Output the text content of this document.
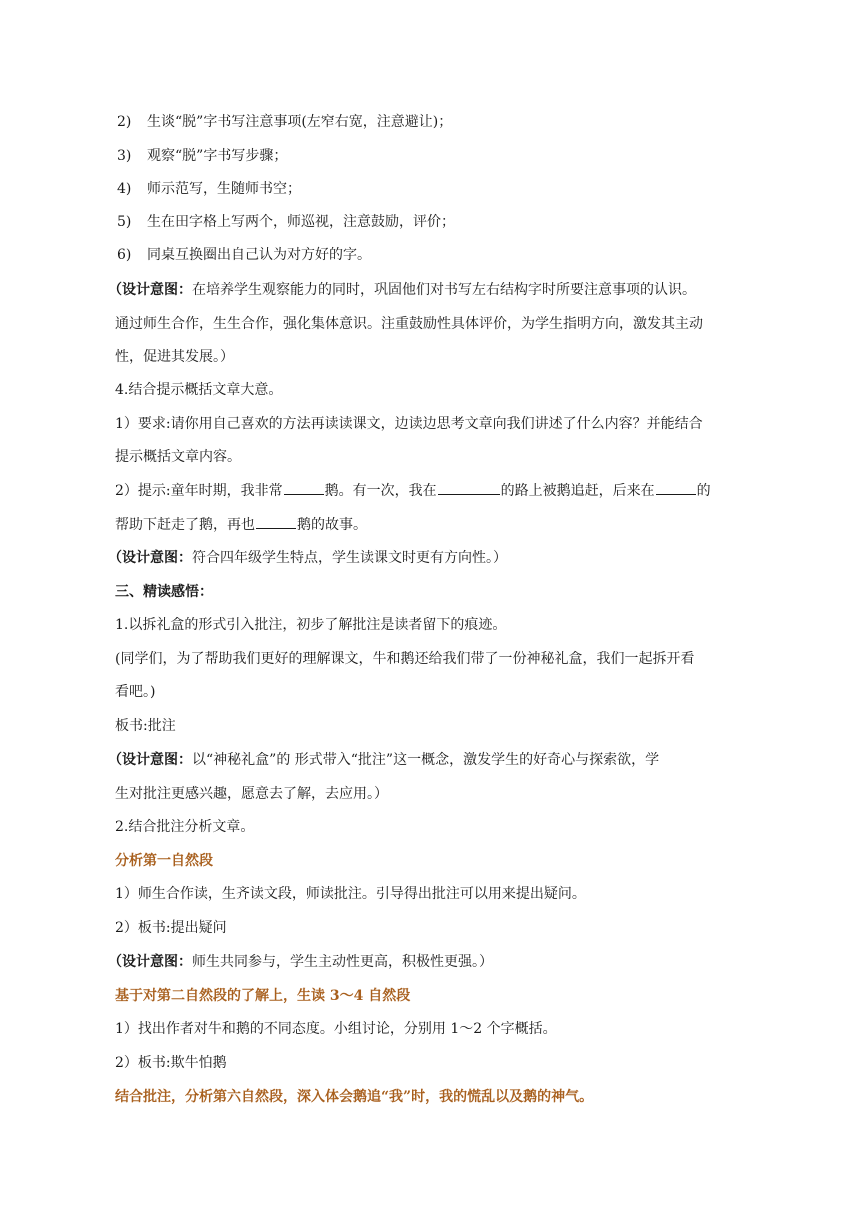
2) 生谈“脱”字书写注意事项(左窄右宽，注意避让)；
3) 观察“脱”字书写步骤；
4) 师示范写，生随师书空；
5) 生在田字格上写两个，师巡视，注意鼓励，评价；
6) 同桌互换圈出自己认为对方好的字。
（设计意图：在培养学生观察能力的同时，巩固他们对书写左右结构字时所要注意事项的认识。
通过师生合作，生生合作，强化集体意识。注重鼓励性具体评价，为学生指明方向，激发其主动
性，促进其发展。）
4.结合提示概括文章大意。
1）要求:请你用自己喜欢的方法再读读课文，边读边思考文章向我们讲述了什么内容？并能结合
提示概括文章内容。
2）提示:童年时期，我非常	鹅。有一次，我在	的路上被鹅追赶，后来在	的
帮助下赶走了鹅，再也	鹅的故事。
（设计意图：符合四年级学生特点，学生读课文时更有方向性。）
三、精读感悟：
1.以拆礼盒的形式引入批注，初步了解批注是读者留下的痕迹。
(同学们，为了帮助我们更好的理解课文，牛和鹅还给我们带了一份神秘礼盒，我们一起拆开看
看吧。)
板书:批注
（设计意图：以“神秘礼盒”的 形式带入“批注”这一概念，激发学生的好奇心与探索欲，学
生对批注更感兴趣，愿意去了解，去应用。）
2.结合批注分析文章。
分析第一自然段
1）师生合作读，生齐读文段，师读批注。引导得出批注可以用来提出疑问。
2）板书:提出疑问
（设计意图：师生共同参与，学生主动性更高，积极性更强。）
基于对第二自然段的了解上，生读 3～4 自然段
1）找出作者对牛和鹅的不同态度。小组讨论，分别用 1～2 个字概括。
2）板书:欺牛怕鹅
结合批注，分析第六自然段，深入体会鹅追“我”时，我的慌乱以及鹅的神气。
